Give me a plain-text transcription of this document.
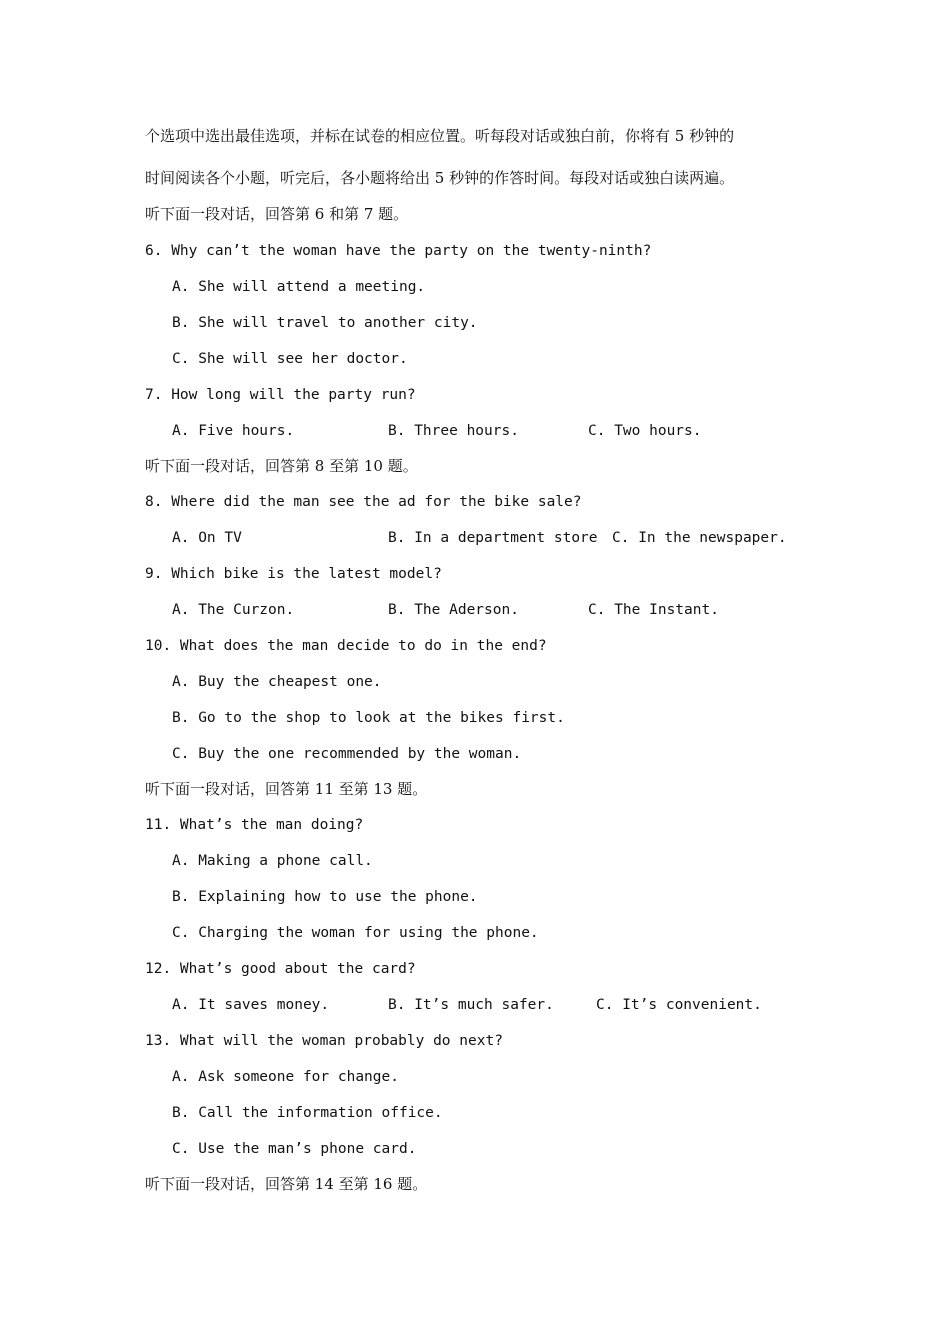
个选项中选出最佳选项，并标在试卷的相应位置。听每段对话或独白前，你将有 5 秒钟的
时间阅读各个小题，听完后，各小题将给出 5 秒钟的作答时间。每段对话或独白读两遍。
听下面一段对话，回答第 6 和第 7 题。
6. Why can’t the woman have the party on the twenty-ninth?
A. She will attend a meeting.
B. She will travel to another city.
C. She will see her doctor.
7. How long will the party run?

A. Five hours.

	B. Three hours.

	C. Two hours.

听下面一段对话，回答第 8 至第 10 题。
8. Where did the man see the ad for the bike sale?

A. On TV

	B. In a department store

C. In the newspaper.

9. Which bike is the latest model?

A. The Curzon.

	B. The Aderson.

	C. The Instant.

10. What does the man decide to do in the end?
A. Buy the cheapest one.
B. Go to the shop to look at the bikes first.
C. Buy the one recommended by the woman.
听下面一段对话，回答第 11 至第 13 题。
11. What’s the man doing?
A. Making a phone call.
B. Explaining how to use the phone.
C. Charging the woman for using the phone.
12. What’s good about the card?

A. It saves money.

	B. It’s much safer.

	C. It’s convenient.

13. What will the woman probably do next?
A. Ask someone for change.
B. Call the information office.
C. Use the man’s phone card.
听下面一段对话，回答第 14 至第 16 题。
